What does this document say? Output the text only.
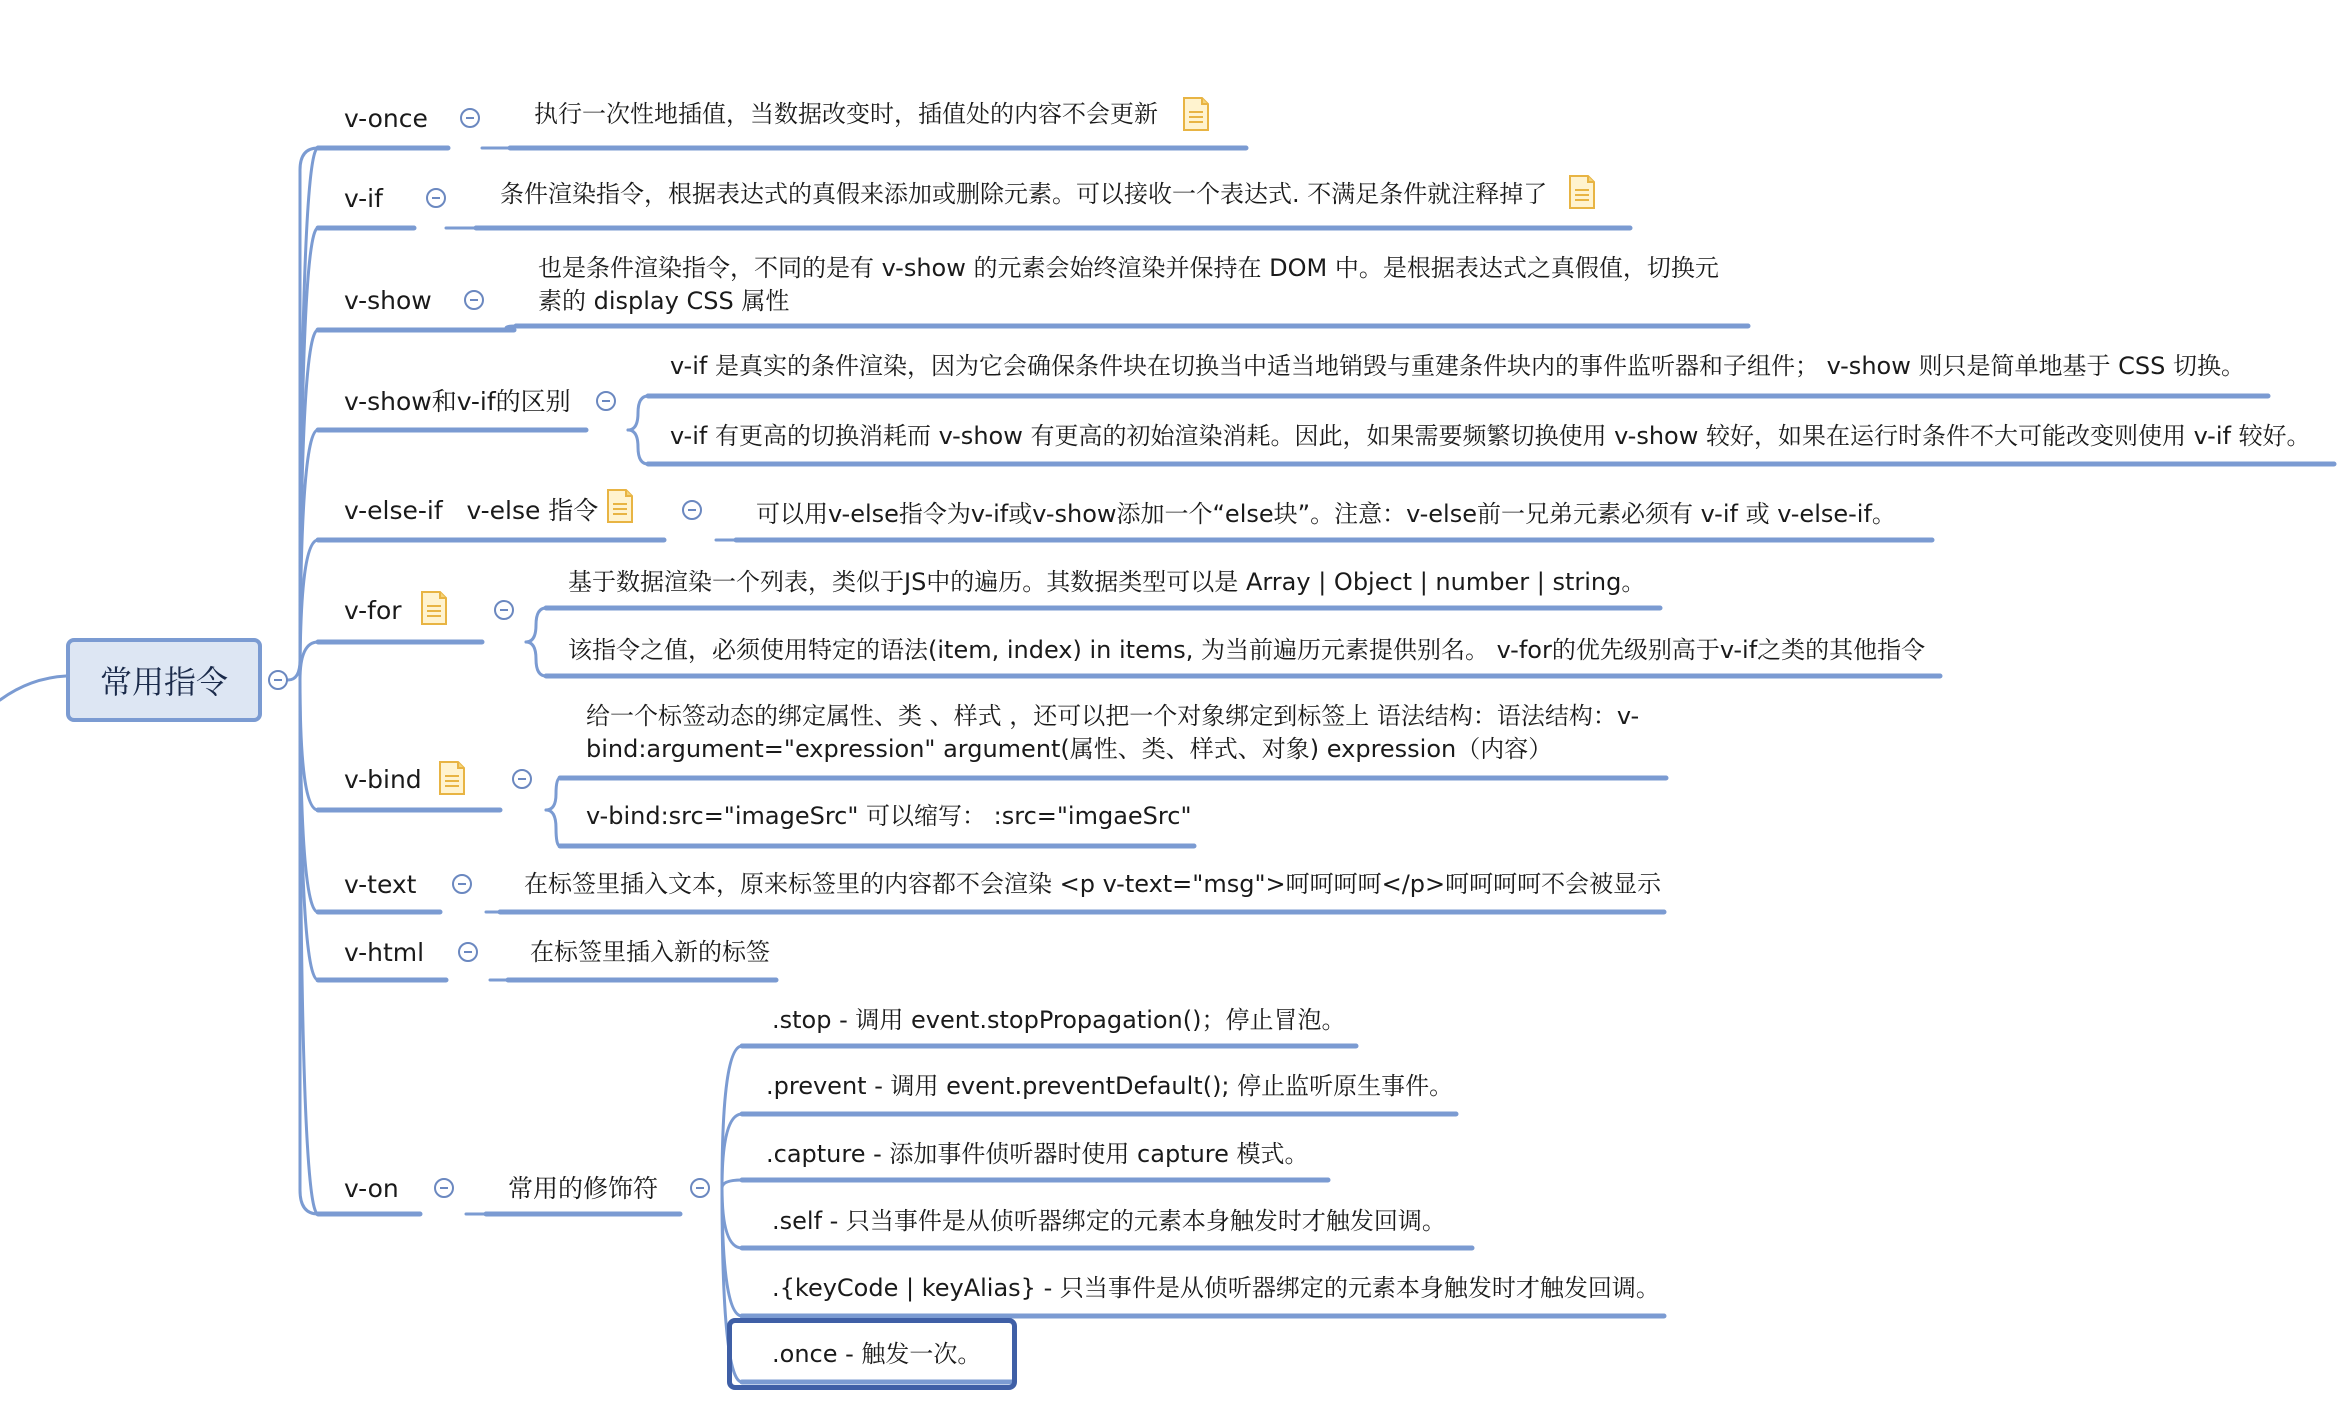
常用指令
v-once
v-if
v-show
v-show和v-if的区别
v-else-if   v-else 指令
v-for
v-bind
v-text
v-html
v-on	常用的修饰符
执行一次性地插值，当数据改变时，插值处的内容不会更新
条件渲染指令，根据表达式的真假来添加或删除元素。可以接收一个表达式. 不满足条件就注释掉了
也是条件渲染指令，不同的是有 v-show 的元素会始终渲染并保持在 DOM 中。是根据表达式之真假值，切换元素的 display CSS 属性
v-if 是真实的条件渲染，因为它会确保条件块在切换当中适当地销毁与重建条件块内的事件监听器和子组件； v-show 则只是简单地基于 CSS 切换。
v-if 有更高的切换消耗而 v-show 有更高的初始渲染消耗。因此，如果需要频繁切换使用 v-show 较好，如果在运行时条件不大可能改变则使用 v-if 较好。
可以用v-else指令为v-if或v-show添加一个“else块”。注意：v-else前一兄弟元素必须有 v-if 或 v-else-if。
基于数据渲染一个列表，类似于JS中的遍历。其数据类型可以是 Array | Object | number | string。
该指令之值，必须使用特定的语法(item, index) in items, 为当前遍历元素提供别名。 v-for的优先级别高于v-if之类的其他指令
给一个标签动态的绑定属性、类 、样式 ，还可以把一个对象绑定到标签上 语法结构：语法结构：v-bind:argument="expression" argument(属性、类、样式、对象) expression（内容）
v-bind:src="imageSrc" 可以缩写： :src="imgaeSrc"
在标签里插入文本，原来标签里的内容都不会渲染 <p v-text="msg">呵呵呵呵</p>呵呵呵呵不会被显示
在标签里插入新的标签
.stop - 调用 event.stopPropagation()；停止冒泡。
.prevent - 调用 event.preventDefault(); 停止监听原生事件。
.capture - 添加事件侦听器时使用 capture 模式。
.self - 只当事件是从侦听器绑定的元素本身触发时才触发回调。
.{keyCode | keyAlias} - 只当事件是从侦听器绑定的元素本身触发时才触发回调。
.once - 触发一次。
